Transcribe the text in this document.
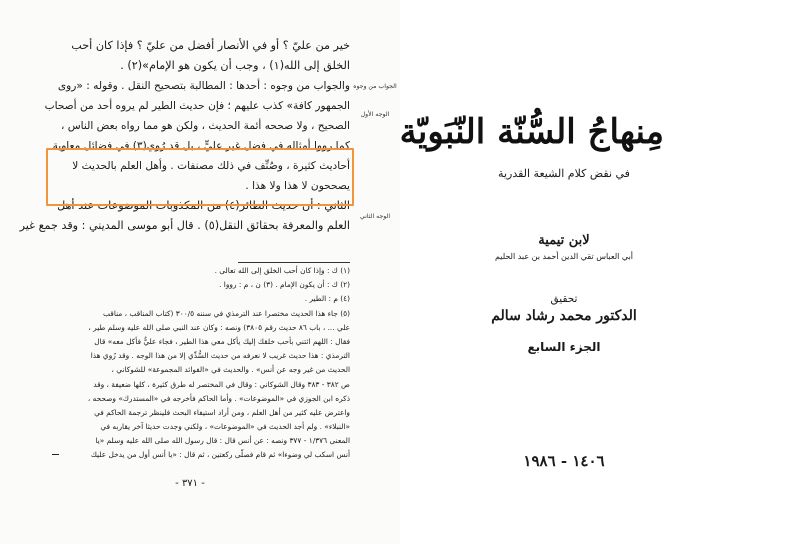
خير من عليّ ؟ أو في الأنصار أفضل من عليّ ؟ فإذا كان أحب
الخلق إلى الله(١) ، وجب أن يكون هو الإمام»(٢) .
والجواب من وجوه : أحدها : المطالبة بتصحيح النقل . وقوله : «روى
الجمهور كافة» كذب عليهم ؛ فإن حديث الطير لم يروه أحد من أصحاب
الصحيح ، ولا صححه أئمة الحديث ، ولكن هو مما رواه بعض الناس ،
كما رووا أمثاله في فضل غير عليٍّ ، بل قد رُوي(٣) في فضائل معاوية
أحاديث كثيرة ، وصُنِّف في ذلك مصنفات . وأهل العلم بالحديث لا
يصححون لا هذا ولا هذا .
الثاني : أن حديث الطائر(٤) من المكذوبات الموضوعات عند أهل
العلم والمعرفة بحقائق النقل(٥) . قال أبو موسى المديني : وقد جمع غير
الجواب من وجوه
الوجه الأول
الوجه الثاني
(١) ك : وإذا كان أحب الخلق إلى الله تعالى .
(٢) ك : أن يكون الإمام . (٣) ن ، م : رووا .
(٤) م : الطير .
(٥) جاء هذا الحديث مختصرا عند الترمذي في سننه ٣٠٠/٥ (كتاب المناقب ، مناقب
علي ... ، باب ٨٦ حديث رقم ٣٨٠٥) ونصه : وكان عند النبي صلى الله عليه وسلم طير ،
فقال : اللهم ائتني بأحب خلقك إليك يأكل معي هذا الطير ، فجاء عليٌّ فأكل معه» قال
الترمذي : هذا حديث غريب لا نعرفه من حديث السُّدِّي إلا من هذا الوجه . وقد رُوي هذا
الحديث من غير وجه عن أنس» . والحديث في «الفوائد المجموعة» للشوكاني ،
ص ٣٨٢ - ٣٨٣ وقال الشوكاني : وقال في المختصر له طرق كثيرة ، كلها ضعيفة ، وقد
ذكره ابن الجوزي في «الموضوعات» . وأما الحاكم فأخرجه في «المستدرك» وصححه ،
واعترض عليه كثير من أهل العلم ، ومن أراد استيفاء البحث فلينظر ترجمة الحاكم في
«النبلاء» . ولم أجد الحديث في «الموضوعات» ، ولكني وجدت حديثا آخر يقاربه في
المعنى ١/٣٧٦ - ٣٧٧ ونصه : عن أنس قال : قال رسول الله صلى الله عليه وسلم «يا
أنس اسكب لي وضوءا» ثم قام فصلّى ركعتين ، ثم قال : «يا أنس أول من يدخل عليك
- ٣٧١ -
مِنهاجُ السُّنّة النّبَويّة
في نقض كلام الشيعة القدرية
لابن تيمية
أبي العباس تقي الدين أحمد بن عبد الحليم
تحقيق
الدكتور محمد رشاد سالم
الجزء السابع
١٤٠٦ - ١٩٨٦
